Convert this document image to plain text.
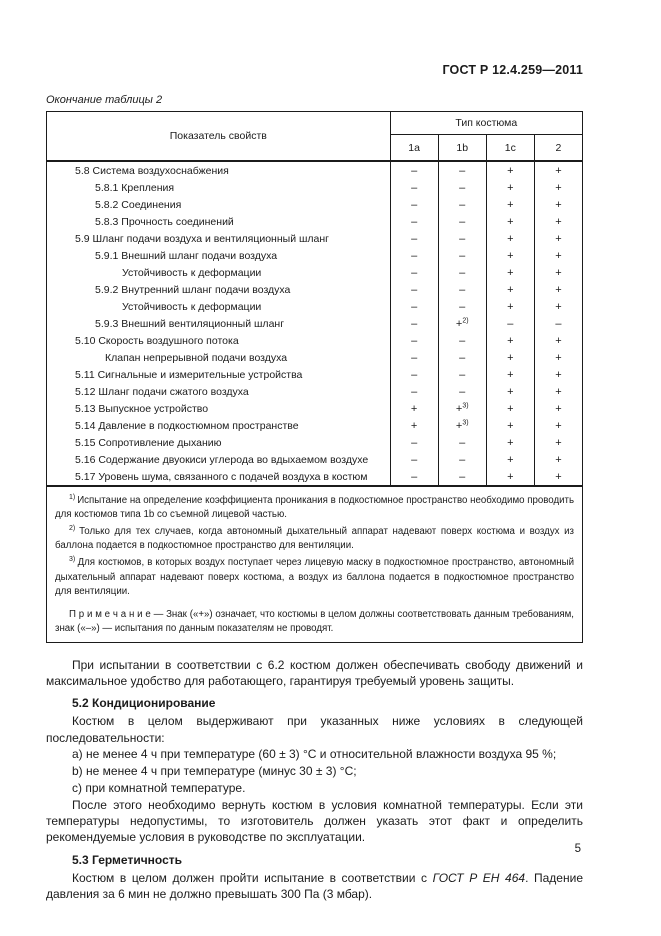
ГОСТ Р 12.4.259—2011
Окончание таблицы 2
Показатель свойств	Тип костюма			
	1a	1b	1c	2
5.8 Система воздухоснабжения	–	–	+	+
5.8.1 Крепления	–	–	+	+
5.8.2 Соединения	–	–	+	+
5.8.3 Прочность соединений	–	–	+	+
5.9 Шланг подачи воздуха и вентиляционный шланг	–	–	+	+
5.9.1 Внешний шланг подачи воздуха	–	–	+	+
Устойчивость к деформации	–	–	+	+
5.9.2 Внутренний шланг подачи воздуха	–	–	+	+
Устойчивость к деформации	–	–	+	+
5.9.3 Внешний вентиляционный шланг	–	+$^{2)}$	–	–
5.10 Скорость воздушного потока	–	–	+	+
Клапан непрерывной подачи воздуха	–	–	+	+
5.11 Сигнальные и измерительные устройства	–	–	+	+
5.12 Шланг подачи сжатого воздуха	–	–	+	+
5.13 Выпускное устройство	+	+$^{3)}$	+	+
5.14 Давление в подкостюмном пространстве	+	+$^{3)}$	+	+
5.15 Сопротивление дыханию	–	–	+	+
5.16 Содержание двуокиси углерода во вдыхаемом воздухе	–	–	+	+
5.17 Уровень шума, связанного с подачей воздуха в костюм	–	–	+	+

$^{1)}$ Испытание на определение коэффициента проникания в подкостюмное пространство необходимо проводить для костюмов типа 1b со съемной лицевой частью.

$^{2)}$ Только для тех случаев, когда автономный дыхательный аппарат надевают поверх костюма и воздух из баллона подается в подкостюмное пространство для вентиляции.

$^{3)}$ Для костюмов, в которых воздух поступает через лицевую маску в подкостюмное пространство, автономный дыхательный аппарат надевают поверх костюма, а воздух из баллона подается в подкостюмное пространство для вентиляции.

П р и м е ч а н и е — Знак («+») означает, что костюмы в целом должны соответствовать данным требованиям, знак («–») — испытания по данным показателям не проводят.				

При испытании в соответствии с 6.2 костюм должен обеспечивать свободу движений и максимальное удобство для работающего, гарантируя требуемый уровень защиты.

5.2 Кондиционирование

Костюм в целом выдерживают при указанных ниже условиях в следующей последовательности:

a) не менее 4 ч при температуре (60 ± 3) °С и относительной влажности воздуха 95 %;
b) не менее 4 ч при температуре (минус 30 ± 3) °С;
c) при комнатной температуре.

После этого необходимо вернуть костюм в условия комнатной температуры. Если эти температуры недопустимы, то изготовитель должен указать этот факт и определить рекомендуемые условия в руководстве по эксплуатации.

5.3 Герметичность

Костюм в целом должен пройти испытание в соответствии с ГОСТ Р ЕН 464. Падение давления за 6 мин не должно превышать 300 Па (3 мбар).

5
